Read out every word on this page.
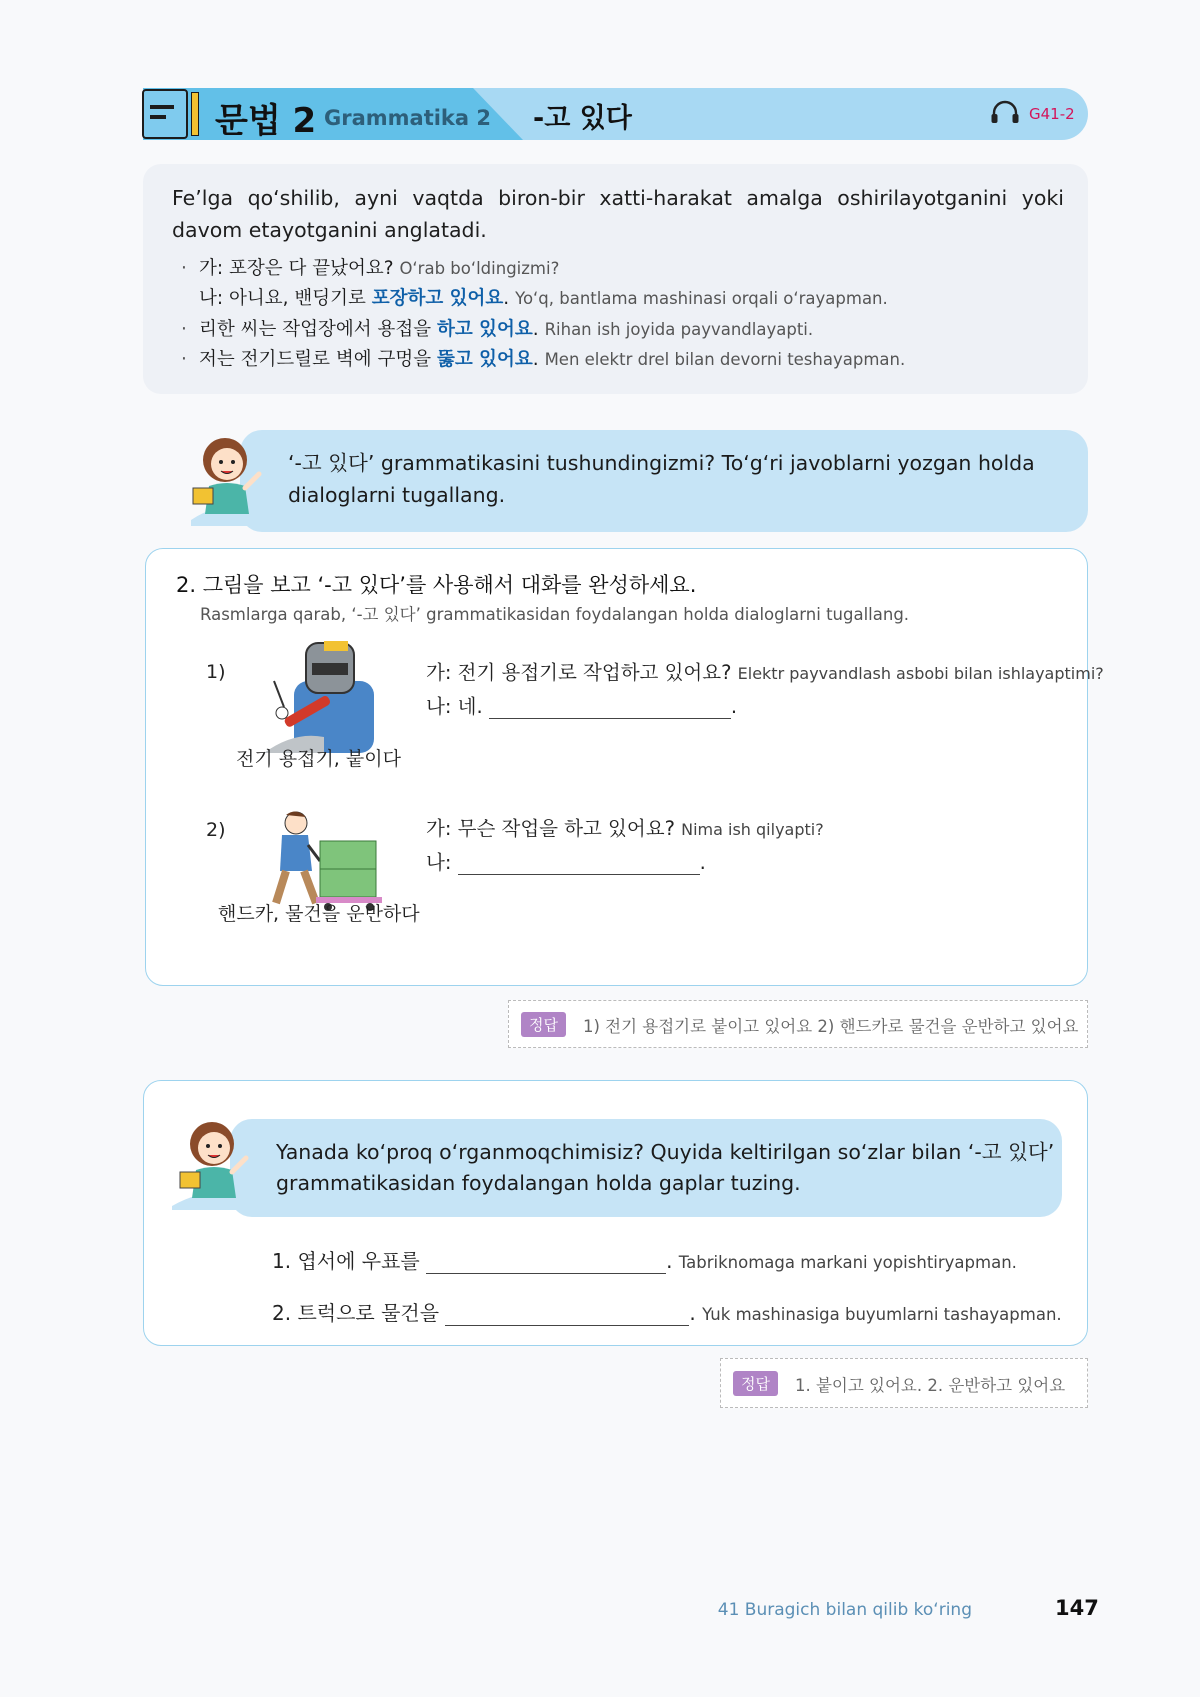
문법 2 Grammatika 2 -고 있다	G41-2
Fe’lga qo‘shilib, ayni vaqtda biron-bir xatti-harakat amalga oshirilayotganini yoki davom etayotganini anglatadi.
· 가: 포장은 다 끝났어요? O‘rab bo‘ldingizmi?
나: 아니요, 밴딩기로 포장하고 있어요. Yo‘q, bantlama mashinasi orqali o‘rayapman.
· 리한 씨는 작업장에서 용접을 하고 있어요. Rihan ish joyida payvandlayapti.
· 저는 전기드릴로 벽에 구멍을 뚫고 있어요. Men elektr drel bilan devorni teshayapman.
‘-고 있다’ grammatikasini tushundingizmi? To‘g‘ri javoblarni yozgan holda
dialoglarni tugallang.
2. 그림을 보고 ‘-고 있다’를 사용해서 대화를 완성하세요.
Rasmlarga qarab, ‘-고 있다’ grammatikasidan foydalangan holda dialoglarni tugallang.
1)
전기 용접기, 붙이다
가: 전기 용접기로 작업하고 있어요? Elektr payvandlash asbobi bilan ishlayaptimi?
나: 네.	.
2)
핸드카, 물건을 운반하다
가: 무슨 작업을 하고 있어요? Nima ish qilyapti?
나:	.
정답	1) 전기 용접기로 붙이고 있어요 2) 핸드카로 물건을 운반하고 있어요
Yanada ko‘proq o‘rganmoqchimisiz? Quyida keltirilgan so‘zlar bilan ‘-고 있다’
grammatikasidan foydalangan holda gaplar tuzing.
1. 엽서에 우표를	. Tabriknomaga markani yopishtiryapman.
2. 트럭으로 물건을	. Yuk mashinasiga buyumlarni tashayapman.
정답	1. 붙이고 있어요. 2. 운반하고 있어요
41 Buragich bilan qilib ko‘ring	147
